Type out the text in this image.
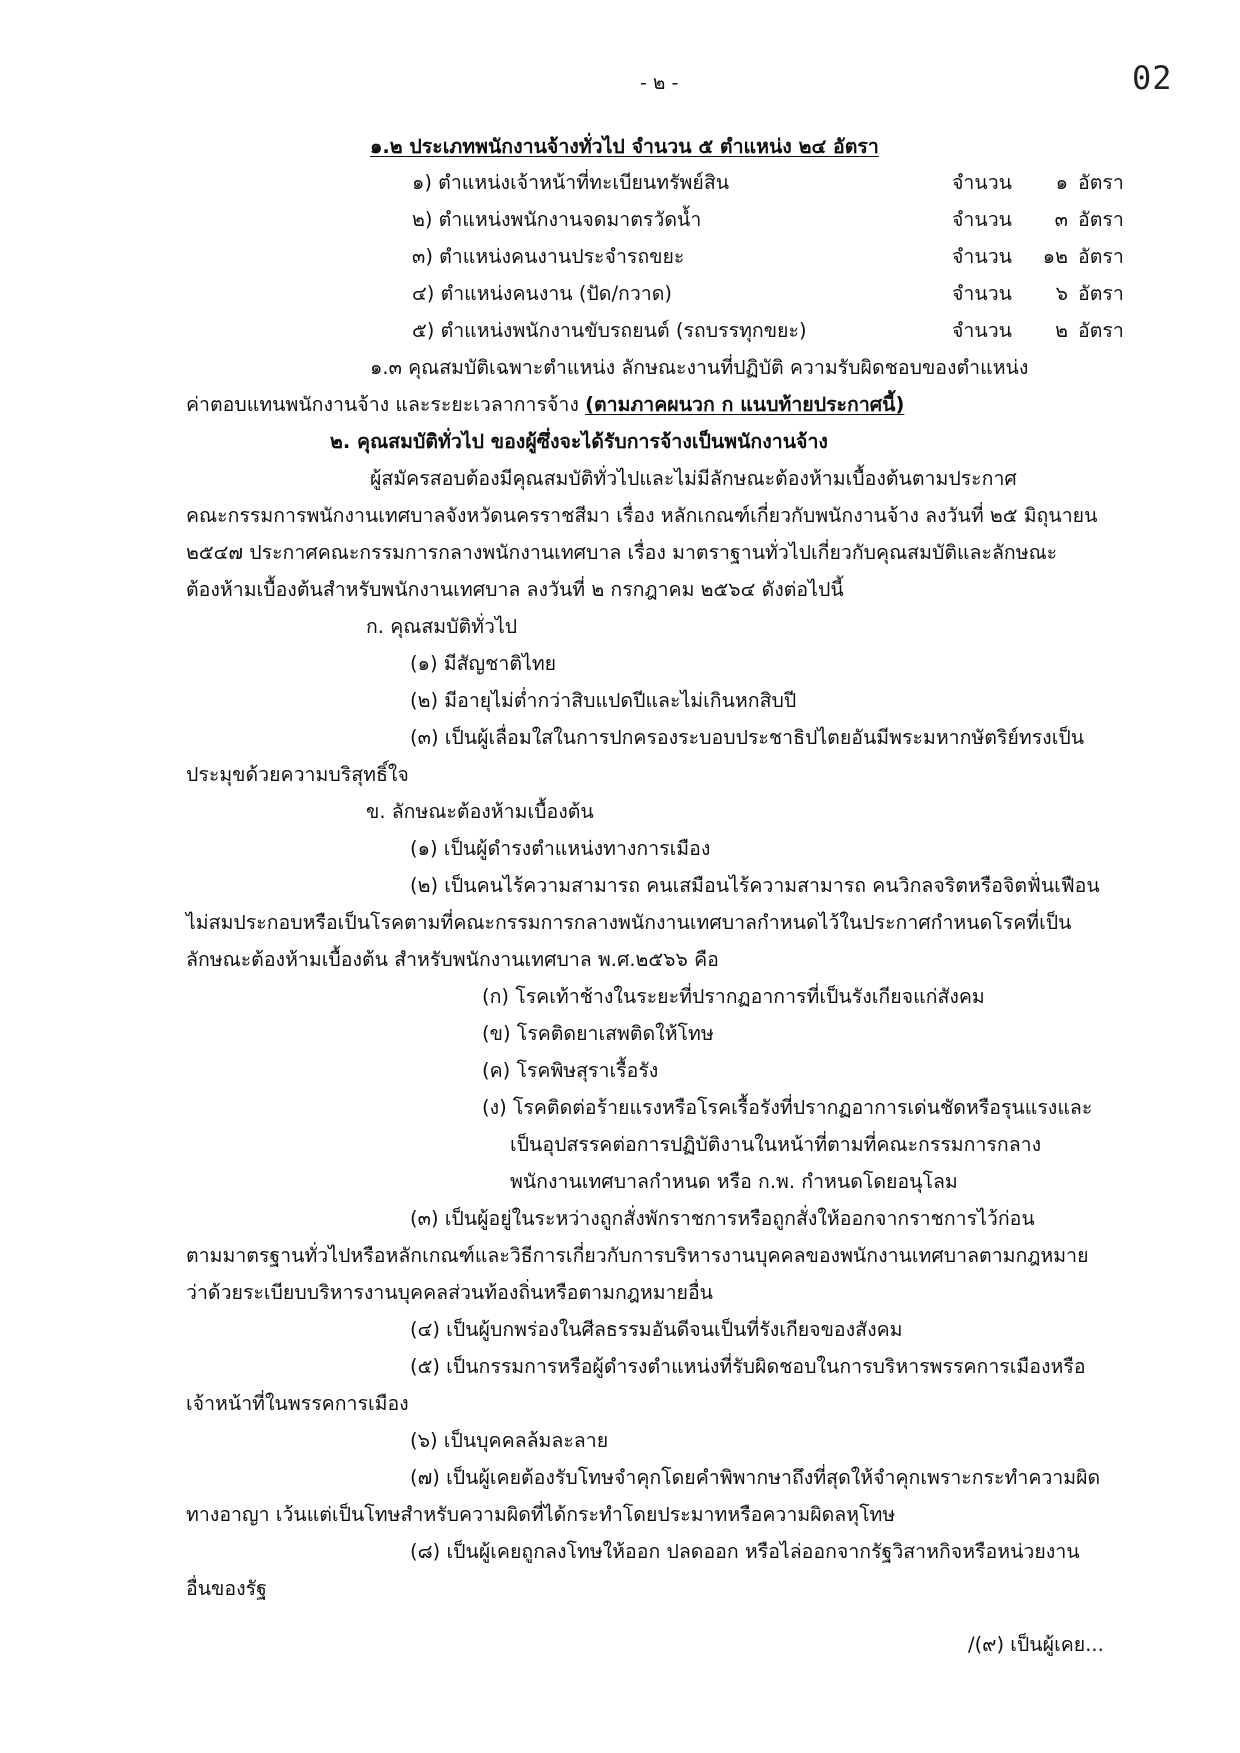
- ๒ -	02
๑.๒ ประเภทพนักงานจ้างทั่วไป จำนวน ๕ ตำแหน่ง ๒๔ อัตรา
๑) ตำแหน่งเจ้าหน้าที่ทะเบียนทรัพย์สิน	จำนวน ๑ อัตรา
๒) ตำแหน่งพนักงานจดมาตรวัดน้ำ	จำนวน ๓ อัตรา
๓) ตำแหน่งคนงานประจำรถขยะ	จำนวน ๑๒ อัตรา
๔) ตำแหน่งคนงาน (ปัด/กวาด)	จำนวน ๖ อัตรา
๕) ตำแหน่งพนักงานขับรถยนต์ (รถบรรทุกขยะ)	จำนวน ๒ อัตรา
๑.๓ คุณสมบัติเฉพาะตำแหน่ง ลักษณะงานที่ปฏิบัติ ความรับผิดชอบของตำแหน่ง
ค่าตอบแทนพนักงานจ้าง และระยะเวลาการจ้าง (ตามภาคผนวก ก แนบท้ายประกาศนี้)
๒. คุณสมบัติทั่วไป ของผู้ซึ่งจะได้รับการจ้างเป็นพนักงานจ้าง
ผู้สมัครสอบต้องมีคุณสมบัติทั่วไปและไม่มีลักษณะต้องห้ามเบื้องต้นตามประกาศ
คณะกรรมการพนักงานเทศบาลจังหวัดนครราชสีมา เรื่อง หลักเกณฑ์เกี่ยวกับพนักงานจ้าง ลงวันที่ ๒๕ มิถุนายน
๒๕๔๗ ประกาศคณะกรรมการกลางพนักงานเทศบาล เรื่อง มาตราฐานทั่วไปเกี่ยวกับคุณสมบัติและลักษณะ
ต้องห้ามเบื้องต้นสำหรับพนักงานเทศบาล ลงวันที่ ๒ กรกฎาคม ๒๕๖๔ ดังต่อไปนี้
ก. คุณสมบัติทั่วไป
(๑) มีสัญชาติไทย
(๒) มีอายุไม่ต่ำกว่าสิบแปดปีและไม่เกินหกสิบปี
(๓) เป็นผู้เลื่อมใสในการปกครองระบอบประชาธิปไตยอันมีพระมหากษัตริย์ทรงเป็น
ประมุขด้วยความบริสุทธิ์ใจ
ข. ลักษณะต้องห้ามเบื้องต้น
(๑) เป็นผู้ดำรงตำแหน่งทางการเมือง
(๒) เป็นคนไร้ความสามารถ คนเสมือนไร้ความสามารถ คนวิกลจริตหรือจิตฟั่นเฟือน
ไม่สมประกอบหรือเป็นโรคตามที่คณะกรรมการกลางพนักงานเทศบาลกำหนดไว้ในประกาศกำหนดโรคที่เป็น
ลักษณะต้องห้ามเบื้องต้น สำหรับพนักงานเทศบาล พ.ศ.๒๕๖๖ คือ
(ก) โรคเท้าช้างในระยะที่ปรากฏอาการที่เป็นรังเกียจแก่สังคม
(ข) โรคติดยาเสพติดให้โทษ
(ค) โรคพิษสุราเรื้อรัง
(ง) โรคติดต่อร้ายแรงหรือโรคเรื้อรังที่ปรากฏอาการเด่นชัดหรือรุนแรงและ
เป็นอุปสรรคต่อการปฏิบัติงานในหน้าที่ตามที่คณะกรรมการกลาง
พนักงานเทศบาลกำหนด หรือ ก.พ. กำหนดโดยอนุโลม
(๓) เป็นผู้อยู่ในระหว่างถูกสั่งพักราชการหรือถูกสั่งให้ออกจากราชการไว้ก่อน
ตามมาตรฐานทั่วไปหรือหลักเกณฑ์และวิธีการเกี่ยวกับการบริหารงานบุคคลของพนักงานเทศบาลตามกฎหมาย
ว่าด้วยระเบียบบริหารงานบุคคลส่วนท้องถิ่นหรือตามกฎหมายอื่น
(๔) เป็นผู้บกพร่องในศีลธรรมอันดีจนเป็นที่รังเกียจของสังคม
(๕) เป็นกรรมการหรือผู้ดำรงตำแหน่งที่รับผิดชอบในการบริหารพรรคการเมืองหรือ
เจ้าหน้าที่ในพรรคการเมือง
(๖) เป็นบุคคลล้มละลาย
(๗) เป็นผู้เคยต้องรับโทษจำคุกโดยคำพิพากษาถึงที่สุดให้จำคุกเพราะกระทำความผิด
ทางอาญา เว้นแต่เป็นโทษสำหรับความผิดที่ได้กระทำโดยประมาทหรือความผิดลหุโทษ
(๘) เป็นผู้เคยถูกลงโทษให้ออก ปลดออก หรือไล่ออกจากรัฐวิสาหกิจหรือหน่วยงาน
อื่นของรัฐ
/(๙) เป็นผู้เคย...
